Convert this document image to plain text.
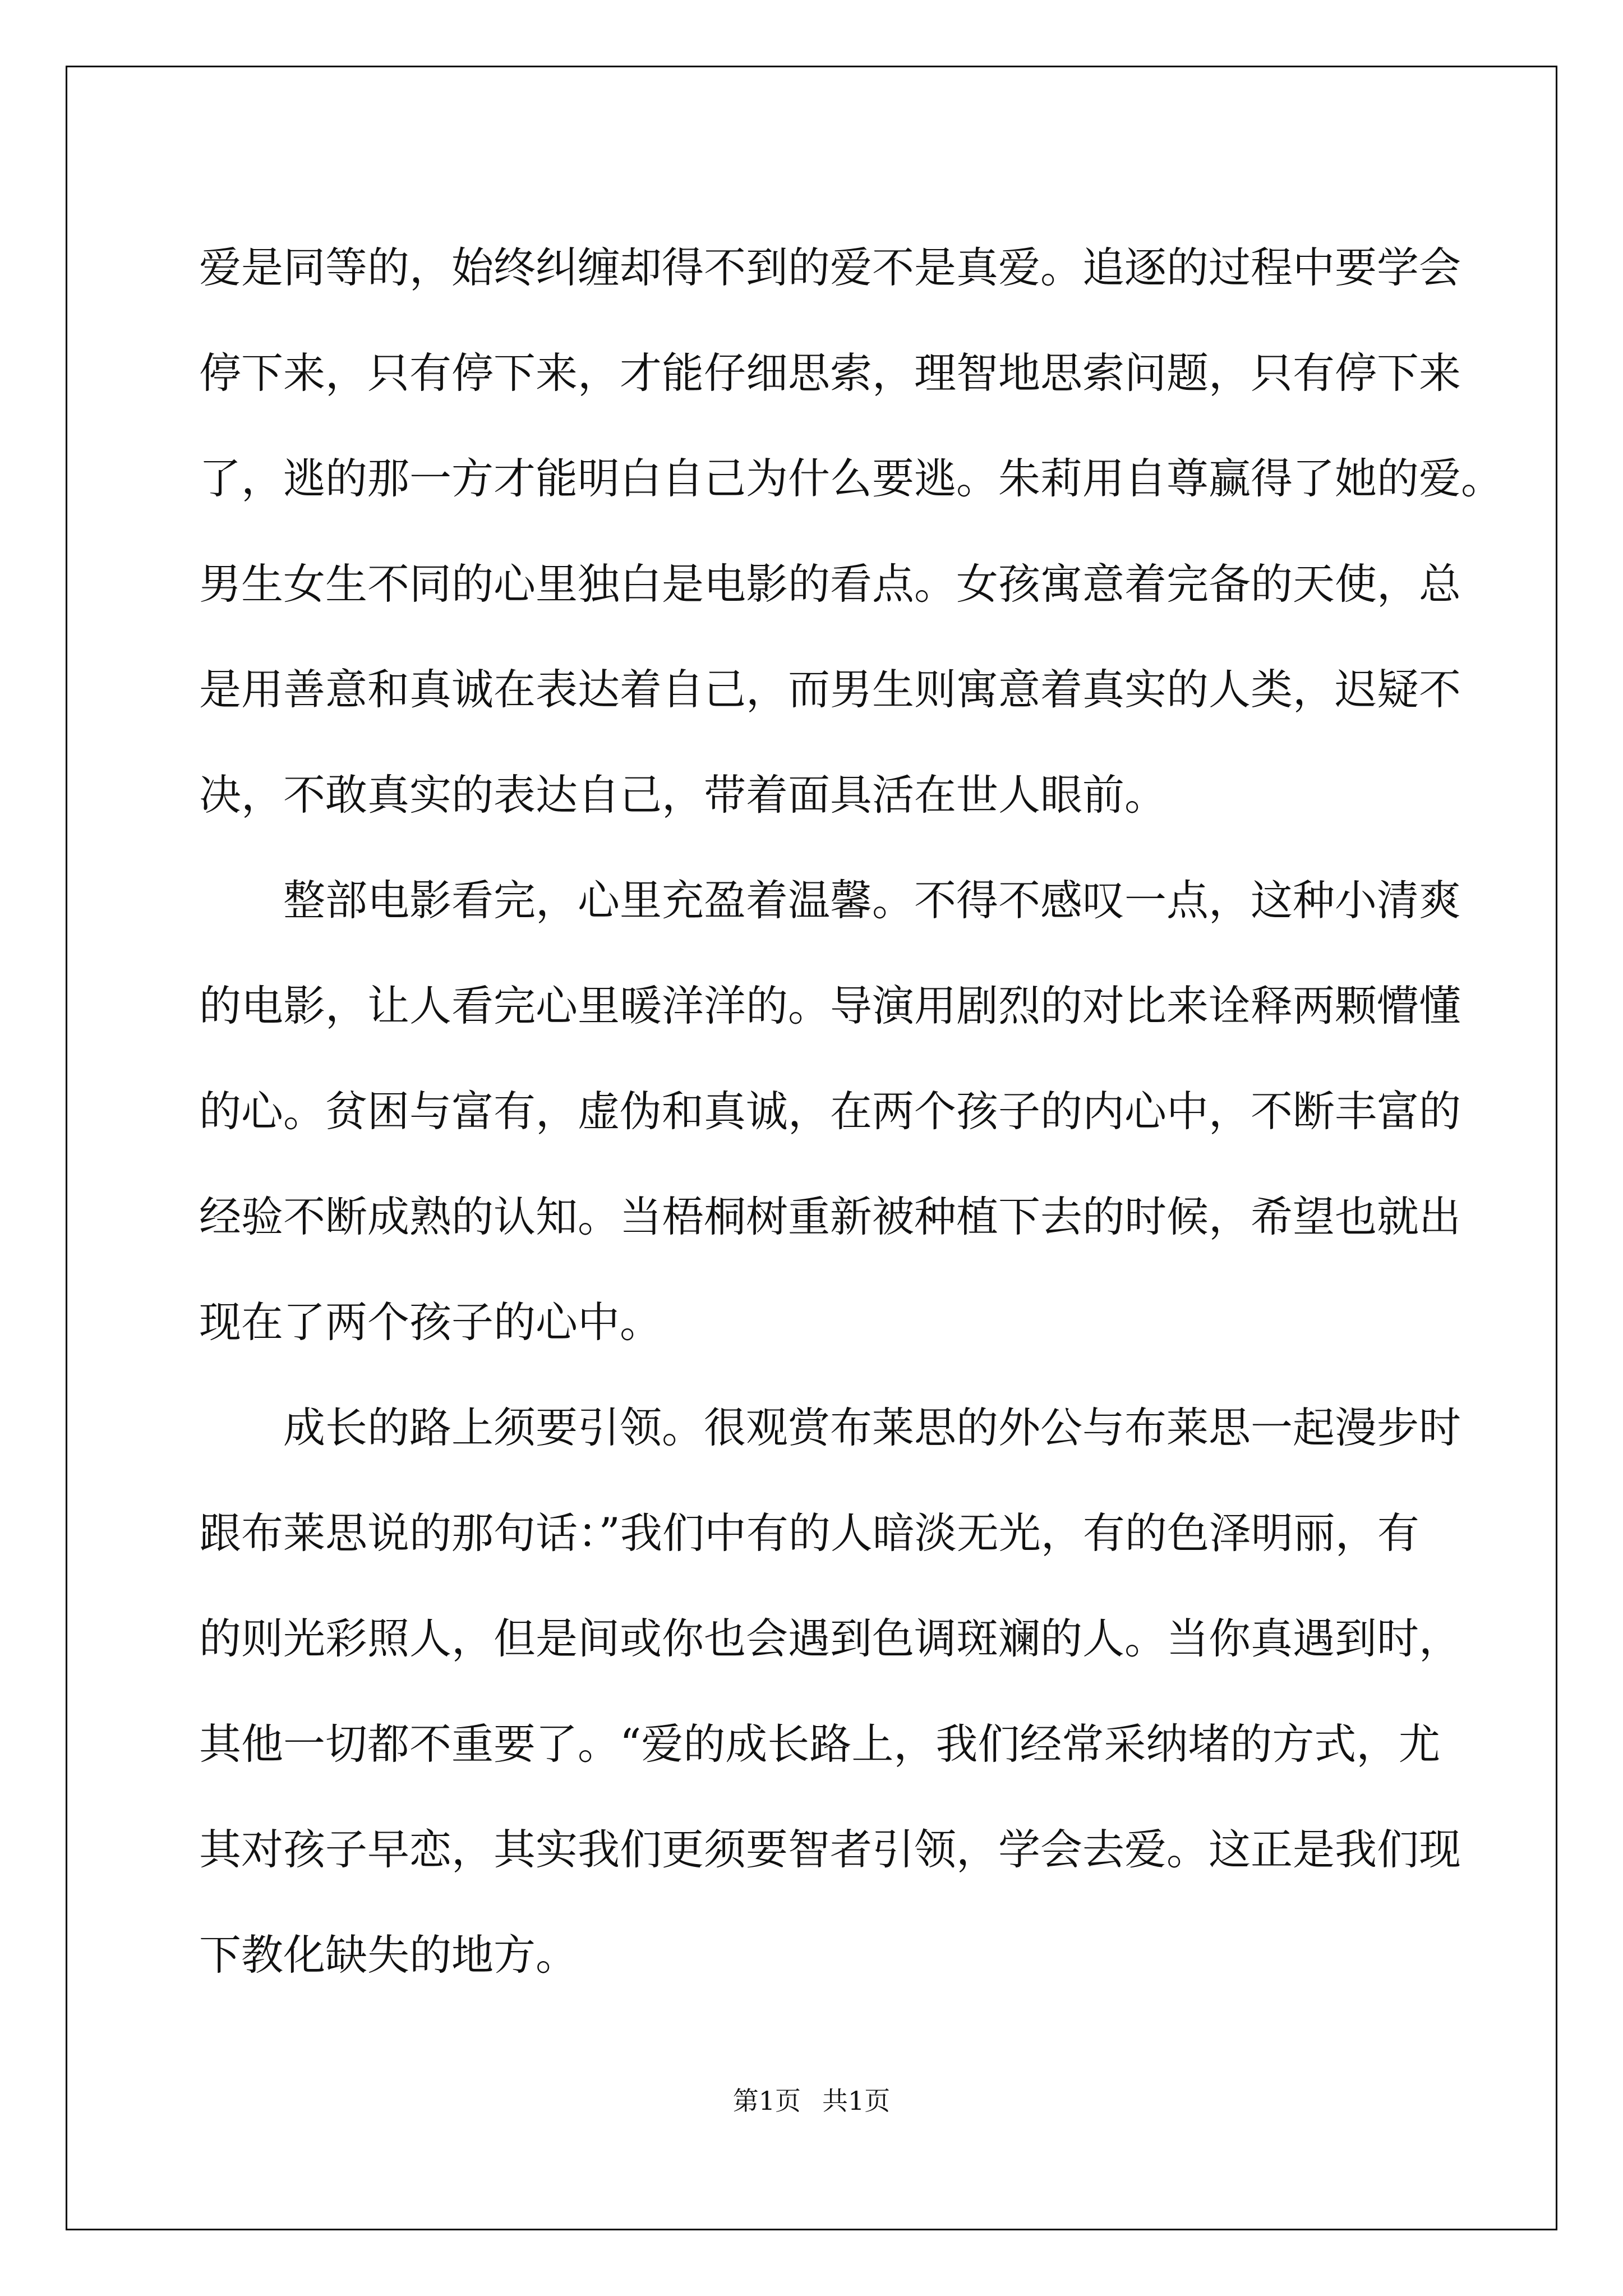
爱是同等的，始终纠缠却得不到的爱不是真爱。追逐的过程中要学会
停下来，只有停下来，才能仔细思索，理智地思索问题，只有停下来
了，逃的那一方才能明白自己为什么要逃。朱莉用自尊赢得了她的爱。
男生女生不同的心里独白是电影的看点。女孩寓意着完备的天使，总
是用善意和真诚在表达着自己，而男生则寓意着真实的人类，迟疑不
决，不敢真实的表达自己，带着面具活在世人眼前。
整部电影看完，心里充盈着温馨。不得不感叹一点，这种小清爽
的电影，让人看完心里暖洋洋的。导演用剧烈的对比来诠释两颗懵懂
的心。贫困与富有，虚伪和真诚，在两个孩子的内心中，不断丰富的
经验不断成熟的认知。当梧桐树重新被种植下去的时候，希望也就出
现在了两个孩子的心中。
成长的路上须要引领。很观赏布莱思的外公与布莱思一起漫步时
跟布莱思说的那句话：”我们中有的人暗淡无光，有的色泽明丽，有
的则光彩照人，但是间或你也会遇到色调斑斓的人。当你真遇到时，
其他一切都不重要了。“爱的成长路上，我们经常采纳堵的方式，尤
其对孩子早恋，其实我们更须要智者引领，学会去爱。这正是我们现
下教化缺失的地方。
第1页 共1页
